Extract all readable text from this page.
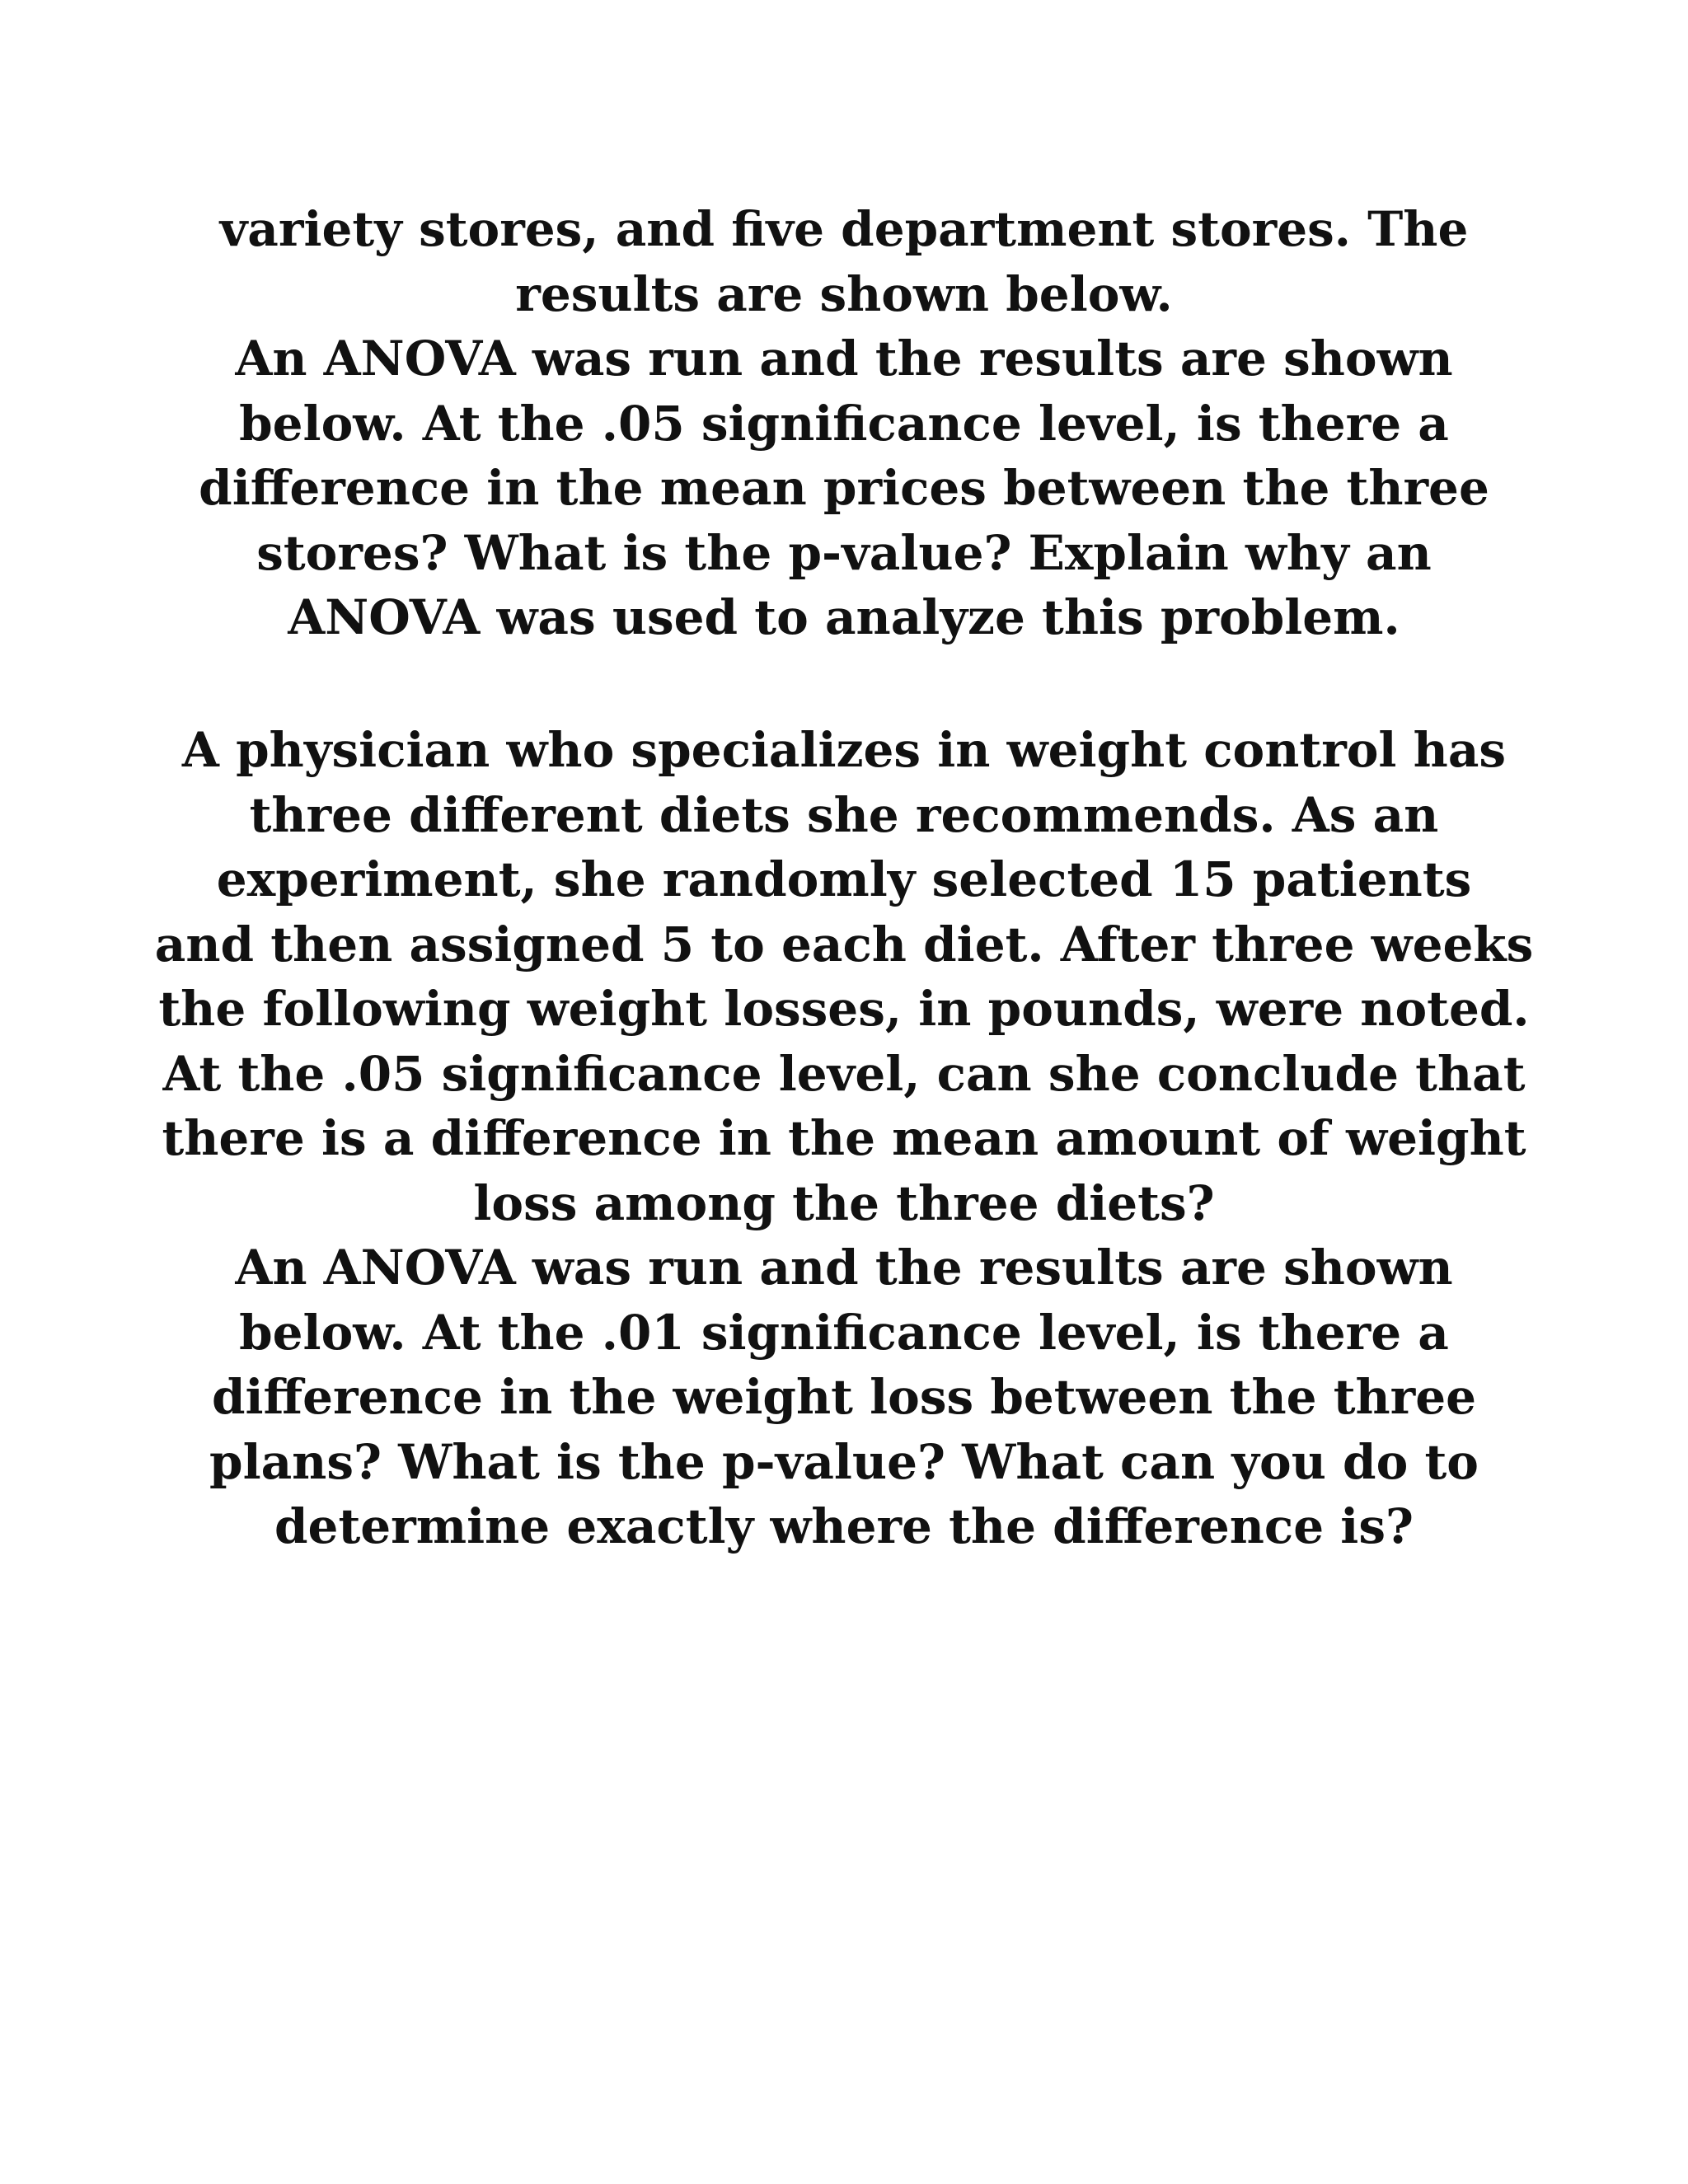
variety stores, and five department stores. The
results are shown below.
An ANOVA was run and the results are shown
below. At the .05 significance level, is there a
difference in the mean prices between the three
stores? What is the p-value? Explain why an
ANOVA was used to analyze this problem.
A physician who specializes in weight control has
three different diets she recommends. As an
experiment, she randomly selected 15 patients
and then assigned 5 to each diet. After three weeks
the following weight losses, in pounds, were noted.
At the .05 significance level, can she conclude that
there is a difference in the mean amount of weight
loss among the three diets?
An ANOVA was run and the results are shown
below. At the .01 significance level, is there a
difference in the weight loss between the three
plans? What is the p-value? What can you do to
determine exactly where the difference is?
